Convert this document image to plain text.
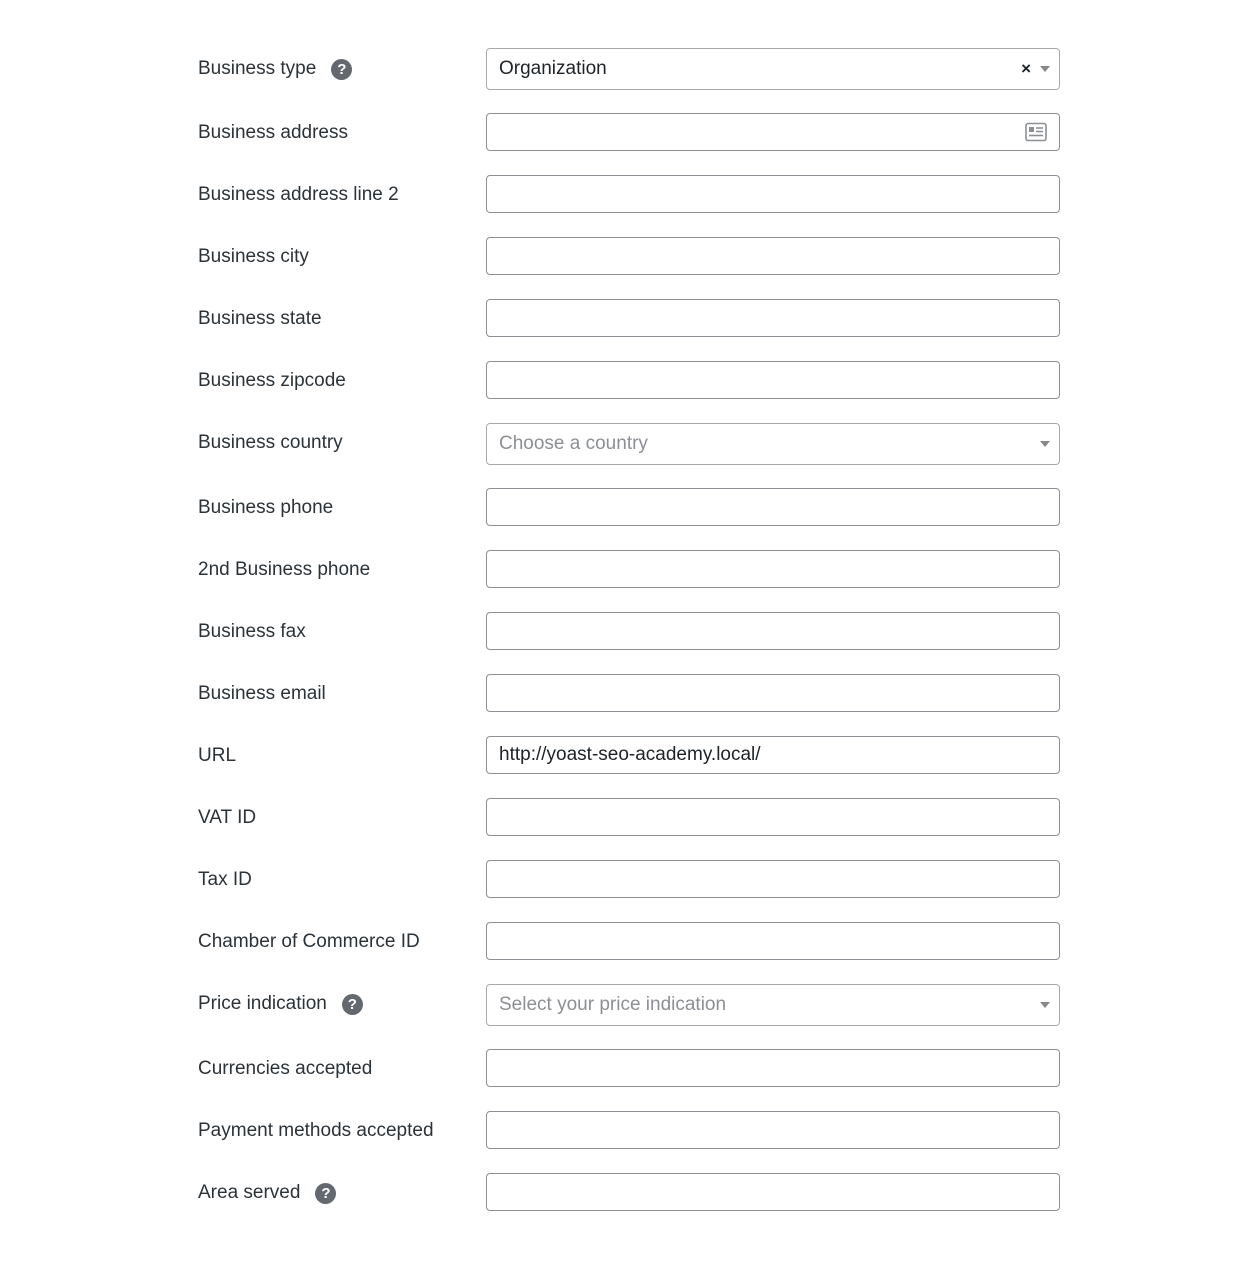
Business type	?	Organization	×
Business address
Business address line 2
Business city
Business state
Business zipcode
Business country	Choose a country
Business phone
2nd Business phone
Business fax
Business email
URL	http://yoast-seo-academy.local/
VAT ID
Tax ID
Chamber of Commerce ID
Price indication	?	Select your price indication
Currencies accepted
Payment methods accepted
Area served	?
